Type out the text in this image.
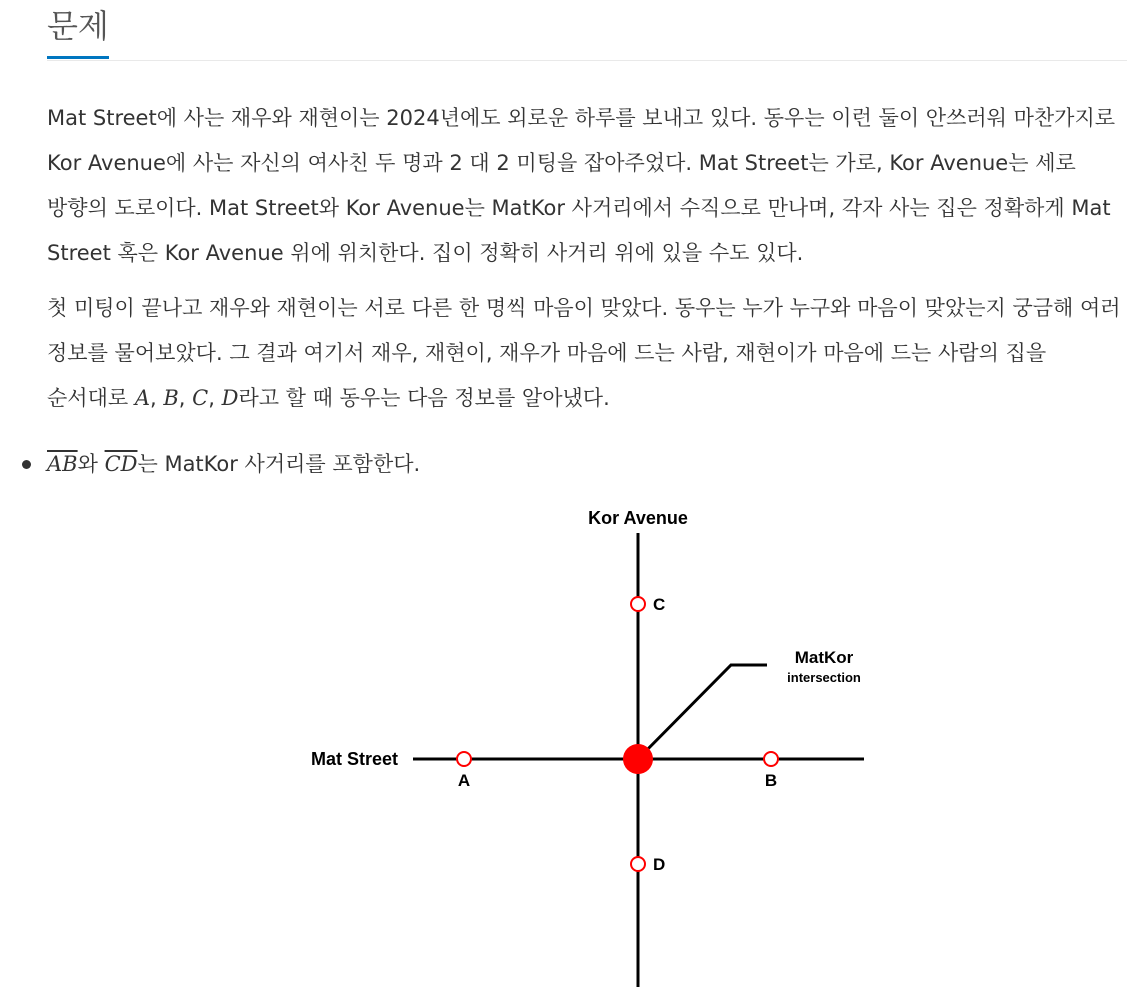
문제

Mat Street에 사는 재우와 재현이는 2024년에도 외로운 하루를 보내고 있다. 동우는 이런 둘이 안쓰러워 마찬가지로 Kor Avenue에 사는 자신의 여사친 두 명과 2 대 2 미팅을 잡아주었다. Mat Street는 가로, Kor Avenue는 세로 방향의 도로이다. Mat Street와 Kor Avenue는 MatKor 사거리에서 수직으로 만나며, 각자 사는 집은 정확하게 Mat Street 혹은 Kor Avenue 위에 위치한다. 집이 정확히 사거리 위에 있을 수도 있다.

첫 미팅이 끝나고 재우와 재현이는 서로 다른 한 명씩 마음이 맞았다. 동우는 누가 누구와 마음이 맞았는지 궁금해 여러 정보를 물어보았다. 그 결과 여기서 재우, 재현이, 재우가 마음에 드는 사람, 재현이가 마음에 드는 사람의 집을 순서대로 A, B, C, D라고 할 때 동우는 다음 정보를 알아냈다.

$\overline{AB}$와 $\overline{CD}$는 MatKor 사거리를 포함한다.
Kor Avenue
Mat Street
MatKor
intersection
A	B
C
D
